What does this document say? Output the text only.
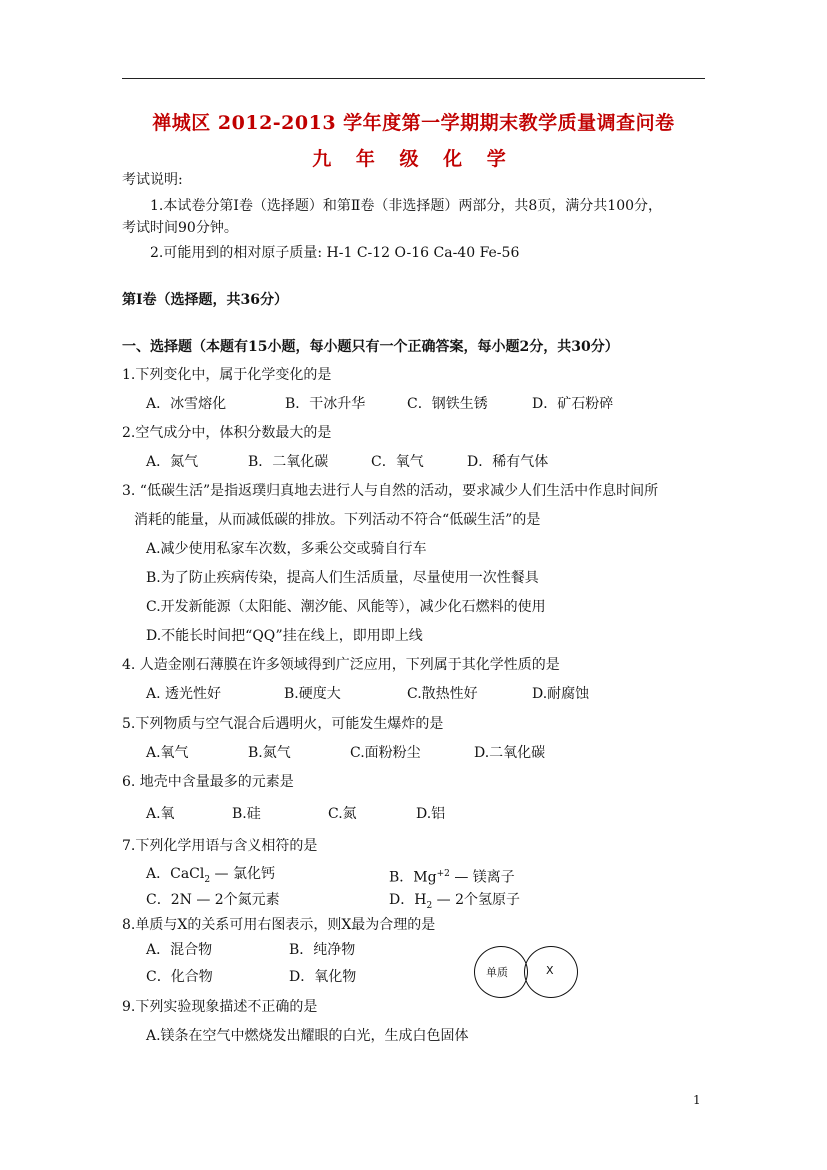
禅城区 2012-2013 学年度第一学期期末教学质量调查问卷
九 年 级 化 学
考试说明:
1.本试卷分第Ⅰ卷（选择题）和第Ⅱ卷（非选择题）两部分，共8页，满分共100分，
考试时间90分钟。
2.可能用到的相对原子质量: H-1 C-12 O-16 Ca-40 Fe-56
第Ⅰ卷（选择题，共36分）
一、选择题（本题有15小题，每小题只有一个正确答案，每小题2分，共30分）
1.下列变化中，属于化学变化的是
A．冰雪熔化	B．干冰升华	C．钢铁生锈	D．矿石粉碎
2.空气成分中，体积分数最大的是
A．氮气	B．二氧化碳	C．氧气	D．稀有气体
3. “低碳生活”是指返璞归真地去进行人与自然的活动，要求减少人们生活中作息时间所
消耗的能量，从而减低碳的排放。下列活动不符合“低碳生活”的是
A.减少使用私家车次数，多乘公交或骑自行车
B.为了防止疾病传染，提高人们生活质量，尽量使用一次性餐具
C.开发新能源（太阳能、潮汐能、风能等），减少化石燃料的使用
D.不能长时间把“QQ”挂在线上，即用即上线
4. 人造金刚石薄膜在许多领域得到广泛应用，下列属于其化学性质的是
A. 透光性好	B.硬度大	C.散热性好	D.耐腐蚀
5.下列物质与空气混合后遇明火，可能发生爆炸的是
A.氧气	B.氮气	C.面粉粉尘	D.二氧化碳
6. 地壳中含量最多的元素是
A.氧	B.硅	C.氮	D.铝
7.下列化学用语与含义相符的是
A．CaCl$_2$ — 氯化钙	B．$Mg^{+2}$ — 镁离子
C．2N — 2个氮元素	D．$H_2$ — 2个氢原子
8.单质与X的关系可用右图表示，则X最为合理的是
A．混合物	B．纯净物
C．化合物	D．氧化物	单质	X
9.下列实验现象描述不正确的是
A.镁条在空气中燃烧发出耀眼的白光，生成白色固体
1
